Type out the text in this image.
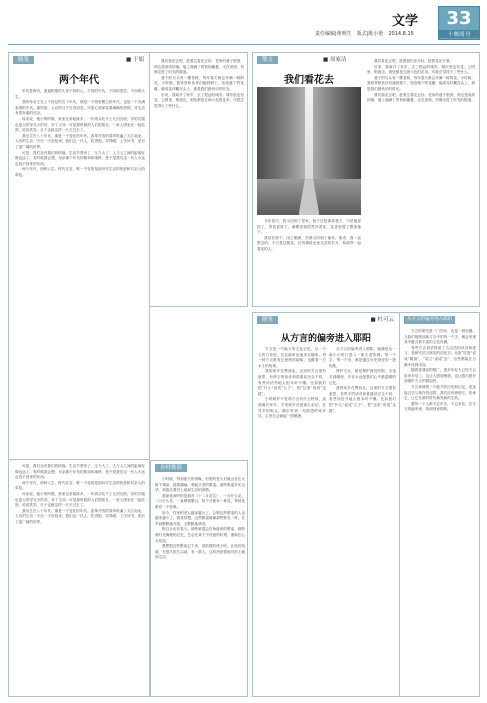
文学
责任编辑|黄明生　版式|陈小艳　2014.8.15
33
十堰周刊
随笔	■ 于娟
两个年代

年代是海沟，遥遥相望的人是不同的心。不同的年代，不同的爱恋，不同的人生。

我的母亲生在上个世纪的五十年代，那是一个物资匮乏的年代，也是一个充满希望的年代。那时候，人们的日子过得清苦，可是心里却装着满满的热情，对生活有着朴素的信念。

母亲说，她小的时候，家里兄弟姐妹多，一年到头吃不上几回白面，穿的衣服也是大的穿完小的穿，补了又补。可是那时候的人们很知足，一家人围坐在一起吃饭，说说笑笑，日子也就这样一天天过去了。

我出生在八十年代，那是一个变化的年代。改革开放的春风吹遍了大江南北，人们的生活一天比一天好起来。我们这一代人，吃得饱，穿得暖，上学读书，见识了更广阔的世界。

可是，我们也有我们的烦恼。生活节奏快了，压力大了，人与人之间的距离好像也远了。有时候我会想，母亲那个年代的简单和纯粹，是不是我们这一代人永远也找不回来的东西。

两个年代，两种人生。时代在变，唯一不变的是那份对生活的热爱和对亲人的牵挂。

我们看花去吧，趁着这春光正好。老家的巷子很深，两边是高高的墙，墙上爬满了青苔和藤蔓，走在里面，仿佛走进了时光的隧道。

巷子的尽头有一棵老树，每年春天都会开满一树的花。小时候，我常常和伙伴们跑到树下，捡拾落下的花瓣，编成花环戴在头上，那是我们最快乐的时光。

后来，我离开了家乡，去了很远的城市。城市里也有花，公园里、街道边，到处都是五颜六色的花朵，可我总觉得少了些什么。

散文	■ 周家洁
我们看花去

今年春天，我又回到了老家。巷子还是那条巷子，只是墙更旧了，青苔更厚了。那棵老树依然开着花，花香弥漫了整条巷子。

我站在树下，闭上眼睛，仿佛又回到了童年。原来，我一直想念的，不只是这树花，还有那段无忧无虑的岁月，和那些一起看花的人。

我们看花去吧，趁着我们还年轻，趁着花还开着。

后来，我离开了家乡，去了很远的城市。城市里也有花，公园里、街道边，到处都是五颜六色的花朵，可我总觉得少了些什么。

巷子的尽头有一棵老树，每年春天都会开满一树的花。小时候，我常常和伙伴们跑到树下，捡拾落下的花瓣，编成花环戴在头上，那是我们最快乐的时光。

我们看花去吧，趁着这春光正好。老家的巷子很深，两边是高高的墙，墙上爬满了青苔和藤蔓，走在里面，仿佛走进了时光的隧道。

乡村歌谣

小时候，每到夏天的傍晚，村里的老人们就会坐在大树下乘凉，摇着蒲扇，唱起古老的歌谣。那些歌谣朴实无华，却饱含着对土地和生活的深情。

我最喜欢听的是那首《十二月花名》，一月什么花，二月什么花，一直唱到腊月，每个月都有一种花，每种花都有一个故事。

如今，村里的老人越来越少了，会唱这些歌谣的人也越来越少了。我常常想，这些歌谣就像那些野花一样，在乡间默默地开放，又默默地凋零。

野百合也有春天。那些被遗忘在角落里的歌谣，那些被时光掩埋的记忆，总会在某个不经意的时刻，重新在心头绽放。

我想把这些歌谣记下来，讲给我的孩子听，让他们知道，在很久很久以前，有一群人，这样热爱着他们的土地和生活。

可是，我们也有我们的烦恼。生活节奏快了，压力大了，人与人之间的距离好像也远了。有时候我会想，母亲那个年代的简单和纯粹，是不是我们这一代人永远也找不回来的东西。

两个年代，两种人生。时代在变，唯一不变的是那份对生活的热爱和对亲人的牵挂。

母亲说，她小的时候，家里兄弟姐妹多，一年到头吃不上几回白面，穿的衣服也是大的穿完小的穿，补了又补。可是那时候的人们很知足，一家人围坐在一起吃饭，说说笑笑，日子也就这样一天天过去了。

我出生在八十年代，那是一个变化的年代。改革开放的春风吹遍了大江南北，人们的生活一天比一天好起来。我们这一代人，吃得饱，穿得暖，上学读书，见识了更广阔的世界。

随笔	■ 杜可云
从方言的偏旁进入耶阳

方言是一个地方的文化记忆，从一个人的口音里，往往能听出他来自哪里。每一种方言都有它独特的韵味，也藏着一方水土的故事。

我的家乡在鄂西北，这里的方言很有意思，有些字的读音和普通话完全不同，有些词语外地人根本听不懂。比如我们把“什么”说成“么子”，把“这里”说成“这蹚”。

小时候并不觉得方言有什么特别，直到离开家乡，才发现乡音是那么亲切。在异乡的街头，偶尔听到一句熟悉的家乡话，心里总会涌起一股暖流。

从方言的偏旁进入耶阳，就像是从一扇小小的门进入一座古老的城。每一个字，每一个音，都是通往历史深处的一把钥匙。

保护方言，就是保护我们的根。无论走到哪里，乡音永远是我们心中最温暖的记忆。

我的家乡在鄂西北，这里的方言很有意思，有些字的读音和普通话完全不同，有些词语外地人根本听不懂。比如我们把“什么”说成“么子”，把“这里”说成“这蹚”。

从方言的偏旁进入耶阳

方言的研究是一门学问，也是一种乐趣。当我们细细品味方言中的每一个字，就会发现其中蕴含着丰富的文化内涵。

有些方言词语保留了古汉语的读音和意义，是研究语言演变的活化石。比如“吃饭”说成“喫饭”，“站立”说成“企”，这些都能在古籍中找到出处。

随着普通话的推广，很多年轻人已经不会说家乡话了。这让人感到惋惜，也让我们意识到保护方言的紧迫性。

方言承载着一个地方的历史和记忆，是连接过去与现在的纽带。我们应该珍惜它，传承它，让它在新的时代焕发新的生机。

愿每一个人都不忘乡音，不忘来处，在方言的偏旁里，找到回家的路。
